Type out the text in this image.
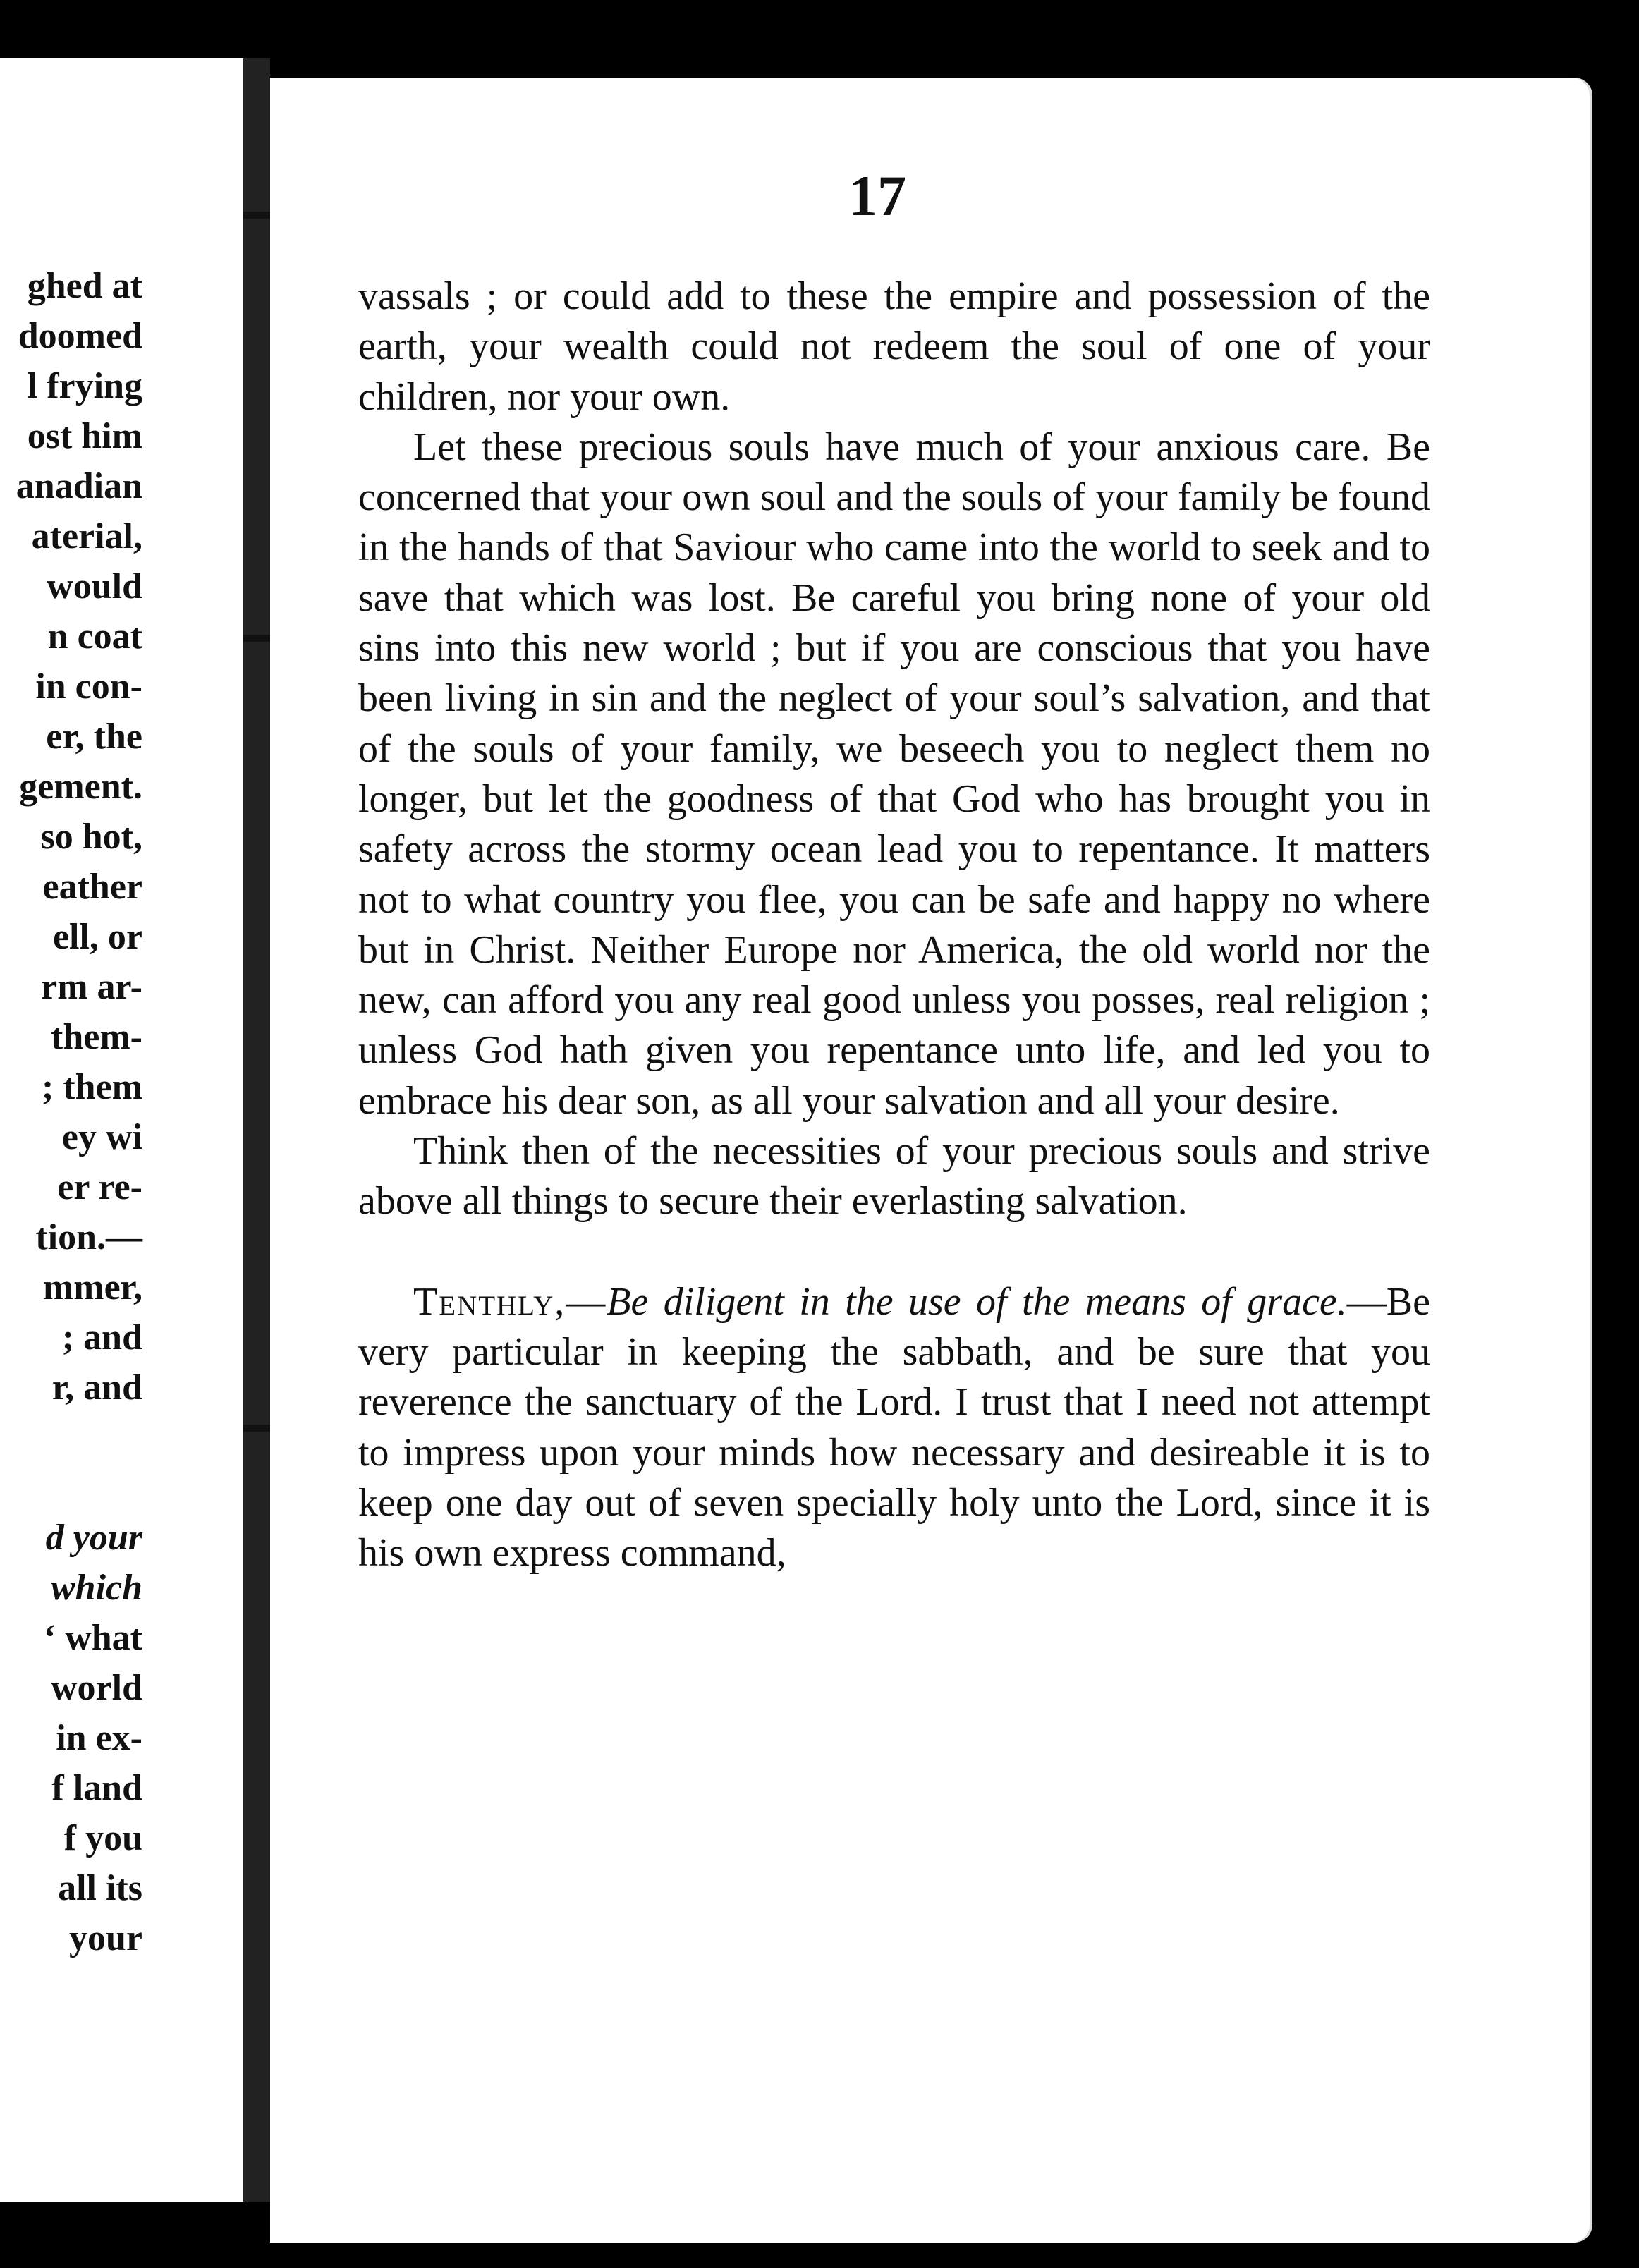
ghed at
doomed
l frying
ost him
anadian
aterial,
would
n coat
in con-
er, the
gement.
so hot,
eather
ell, or
rm ar-
them-
; them
ey wi
er re-
tion.—
mmer,
; and
r, and
d your
which
‘ what
world
in ex-
f land
f you
all its
your
17

vassals ; or could add to these the empire and possession of the earth, your wealth could not redeem the soul of one of your children, nor your own.

Let these precious souls have much of your anxious care. Be concerned that your own soul and the souls of your family be found in the hands of that Saviour who came into the world to seek and to save that which was lost. Be careful you bring none of your old sins into this new world ; but if you are conscious that you have been living in sin and the neglect of your soul’s salvation, and that of the souls of your family, we beseech you to neglect them no longer, but let the goodness of that God who has brought you in safety across the stormy ocean lead you to repentance. It matters not to what country you flee, you can be safe and happy no where but in Christ. Neither Europe nor America, the old world nor the new, can afford you any real good unless you posses, real religion ; unless God hath given you repentance unto life, and led you to embrace his dear son, as all your salvation and all your desire.

Think then of the necessities of your precious souls and strive above all things to secure their everlasting salvation.

Tenthly,—Be diligent in the use of the means of grace.—Be very particular in keeping the sabbath, and be sure that you reverence the sanctuary of the Lord. I trust that I need not attempt to impress upon your minds how necessary and desireable it is to keep one day out of seven specially holy unto the Lord, since it is his own express command,
